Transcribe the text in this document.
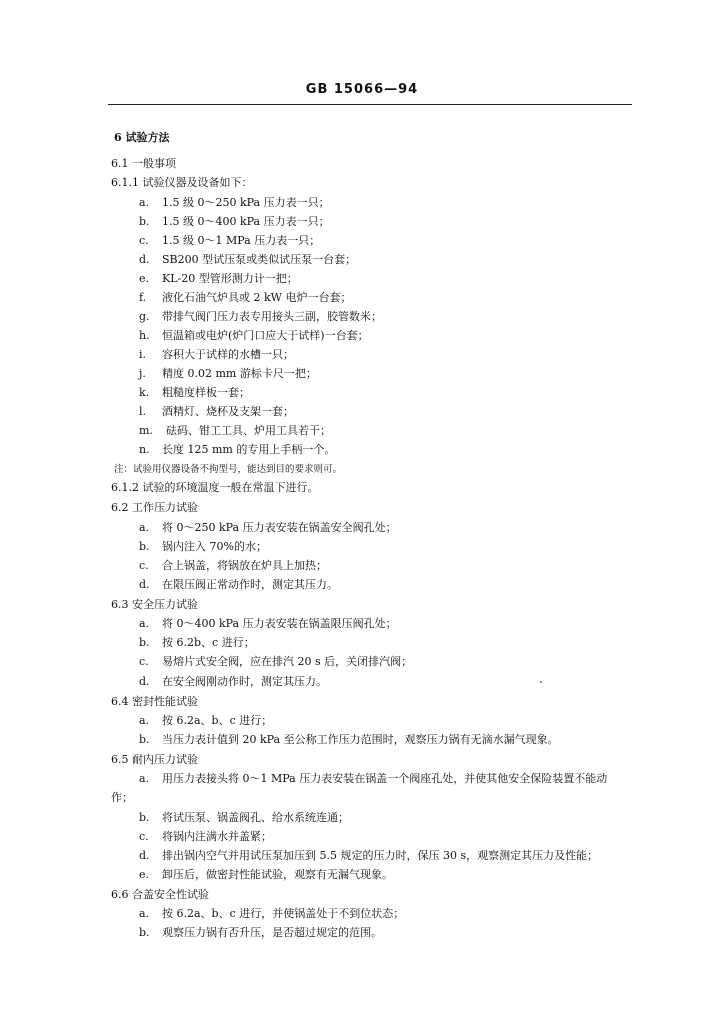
GB 15066—94
6 试验方法
6.1 一般事项
6.1.1 试验仪器及设备如下：
a. 1.5 级 0～250 kPa 压力表一只；
b. 1.5 级 0～400 kPa 压力表一只；
c. 1.5 级 0～1 MPa 压力表一只；
d. SB200 型试压泵或类似试压泵一台套；
e. KL-20 型管形测力计一把；
f. 液化石油气炉具或 2 kW 电炉一台套；
g. 带排气阀门压力表专用接头三副，胶管数米；
h. 恒温箱或电炉(炉门口应大于试样)一台套；
i. 容积大于试样的水槽一只；
j. 精度 0.02 mm 游标卡尺一把；
k. 粗糙度样板一套；
l. 酒精灯、烧杯及支架一套；
m. 砝码、钳工工具、炉用工具若干；
n. 长度 125 mm 的专用上手柄一个。
注：试验用仪器设备不拘型号，能达到目的要求则可。
6.1.2 试验的环境温度一般在常温下进行。
6.2 工作压力试验
a. 将 0～250 kPa 压力表安装在锅盖安全阀孔处；
b. 锅内注入 70%的水；
c. 合上锅盖，将锅放在炉具上加热；
d. 在限压阀正常动作时，测定其压力。
6.3 安全压力试验
a. 将 0～400 kPa 压力表安装在锅盖限压阀孔处；
b. 按 6.2b、c 进行；
c. 易熔片式安全阀，应在排汽 20 s 后，关闭排汽阀；
d. 在安全阀刚动作时，测定其压力。
6.4 密封性能试验
a. 按 6.2a、b、c 进行；
b. 当压力表计值到 20 kPa 至公称工作压力范围时，观察压力锅有无滴水漏气现象。
6.5 耐内压力试验
a. 用压力表接头将 0～1 MPa 压力表安装在锅盖一个阀座孔处，并使其他安全保险装置不能动
作；
b. 将试压泵、锅盖阀孔、给水系统连通；
c. 将锅内注满水并盖紧；
d. 排出锅内空气并用试压泵加压到 5.5 规定的压力时，保压 30 s，观察测定其压力及性能；
e. 卸压后，做密封性能试验，观察有无漏气现象。
6.6 合盖安全性试验
a. 按 6.2a、b、c 进行，并使锅盖处于不到位状态；
b. 观察压力锅有否升压，是否超过规定的范围。
